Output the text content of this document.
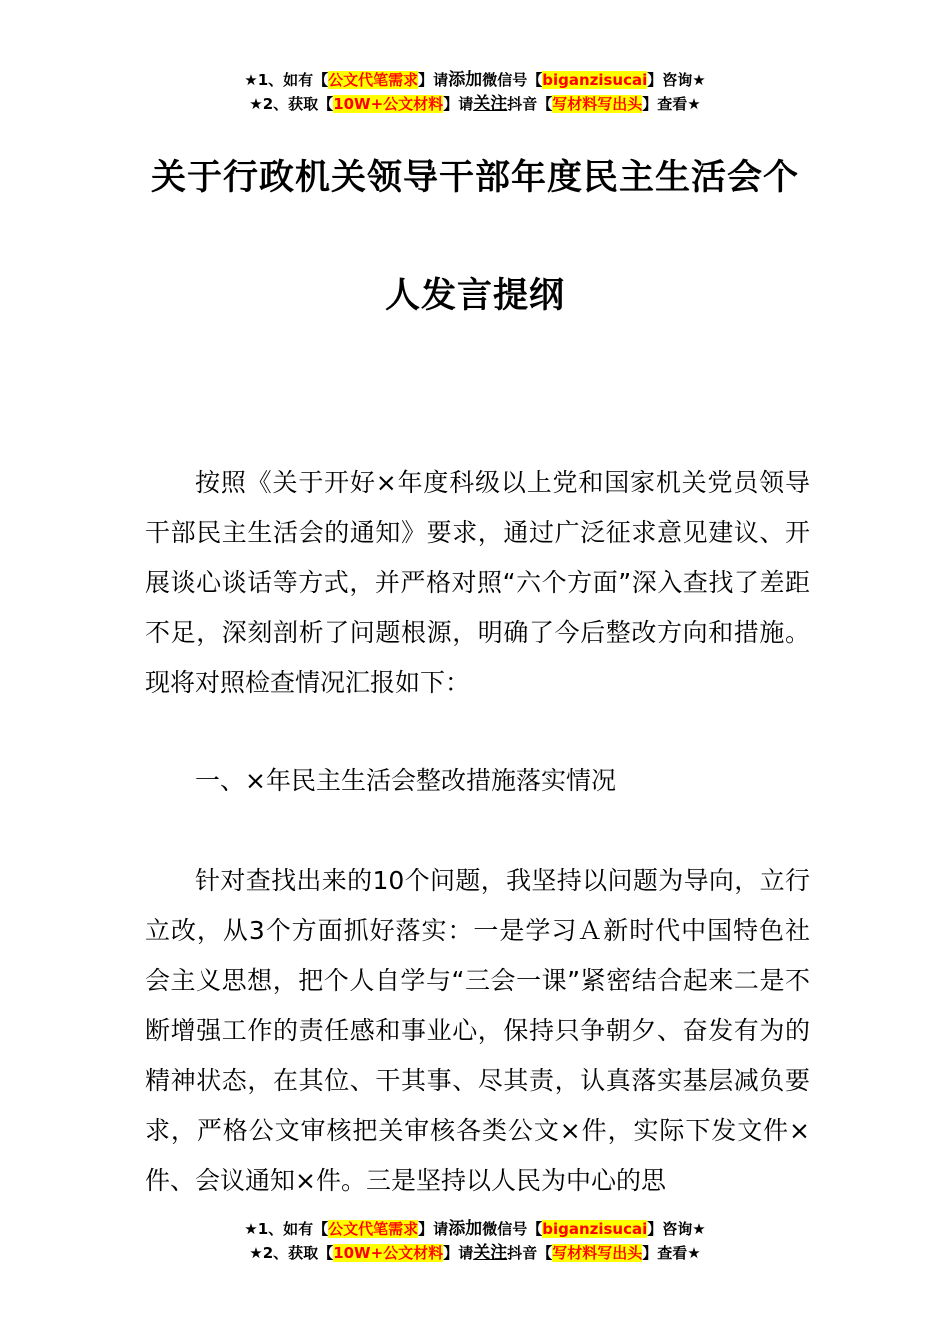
★1、如有【公文代笔需求】请添加微信号【biganzisucai】咨询★
★2、获取【10W+公文材料】请关注抖音【写材料写出头】查看★
关于行政机关领导干部年度民主生活会个
人发言提纲

按照《关于开好×年度科级以上党和国家机关党员领导干部民主生活会的通知》要求，通过广泛征求意见建议、开展谈心谈话等方式，并严格对照“六个方面”深入查找了差距不足，深刻剖析了问题根源，明确了今后整改方向和措施。现将对照检查情况汇报如下：

一、×年民主生活会整改措施落实情况

针对查找出来的10个问题，我坚持以问题为导向，立行立改，从3个方面抓好落实：一是学习Ａ新时代中国特色社会主义思想，把个人自学与“三会一课”紧密结合起来二是不断增强工作的责任感和事业心，保持只争朝夕、奋发有为的精神状态，在其位、干其事、尽其责，认真落实基层减负要求，严格公文审核把关审核各类公文×件，实际下发文件×件、会议通知×件。三是坚持以人民为中心的思

★1、如有【公文代笔需求】请添加微信号【biganzisucai】咨询★
★2、获取【10W+公文材料】请关注抖音【写材料写出头】查看★
